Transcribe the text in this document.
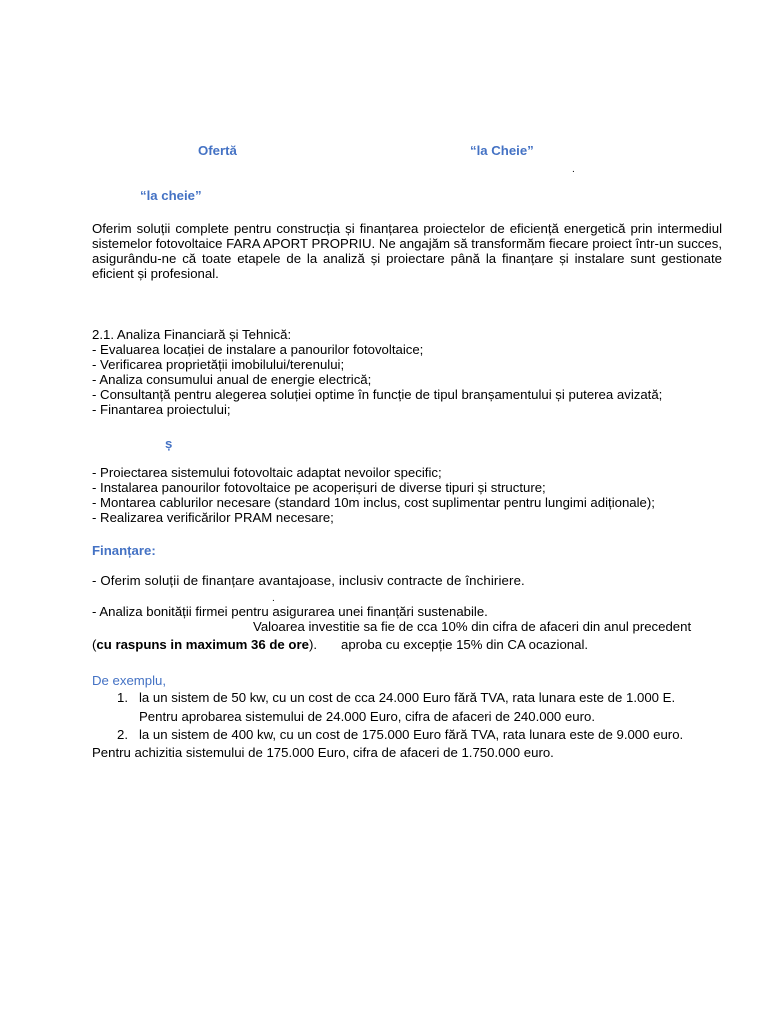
Ofertă	“la Cheie”
.
“la cheie”
Oferim soluții complete pentru construcția și finanțarea proiectelor de eficiență energetică prin intermediul sistemelor fotovoltaice FARA APORT PROPRIU. Ne angajăm să transformăm fiecare proiect într-un succes, asigurându-ne că toate etapele de la analiză și proiectare până la finanțare și instalare sunt gestionate eficient și profesional.
2.1. Analiza Financiară și Tehnică:
- Evaluarea locației de instalare a panourilor fotovoltaice;
- Verificarea proprietății imobilului/terenului;
- Analiza consumului anual de energie electrică;
- Consultanță pentru alegerea soluției optime în funcție de tipul branșamentului și puterea avizată;
- Finantarea proiectului;
ș
- Proiectarea sistemului fotovoltaic adaptat nevoilor specific;
- Instalarea panourilor fotovoltaice pe acoperișuri de diverse tipuri și structure;
- Montarea cablurilor necesare (standard 10m inclus, cost suplimentar pentru lungimi adiționale);
- Realizarea verificărilor PRAM necesare;
Finanțare:
- Oferim soluții de finanțare avantajoase, inclusiv contracte de închiriere.
.
- Analiza bonității firmei pentru asigurarea unei finanțări sustenabile.
Valoarea investitie sa fie de cca 10% din cifra de afaceri din anul precedent
(cu raspuns in maximum 36 de ore). aproba cu excepție 15% din CA ocazional.
De exemplu,
1. la un sistem de 50 kw, cu un cost de cca 24.000 Euro fără TVA, rata lunara este de 1.000 E.
Pentru aprobarea sistemului de 24.000 Euro, cifra de afaceri de 240.000 euro.
2. la un sistem de 400 kw, cu un cost de 175.000 Euro fără TVA, rata lunara este de 9.000 euro.
Pentru achizitia sistemului de 175.000 Euro, cifra de afaceri de 1.750.000 euro.
